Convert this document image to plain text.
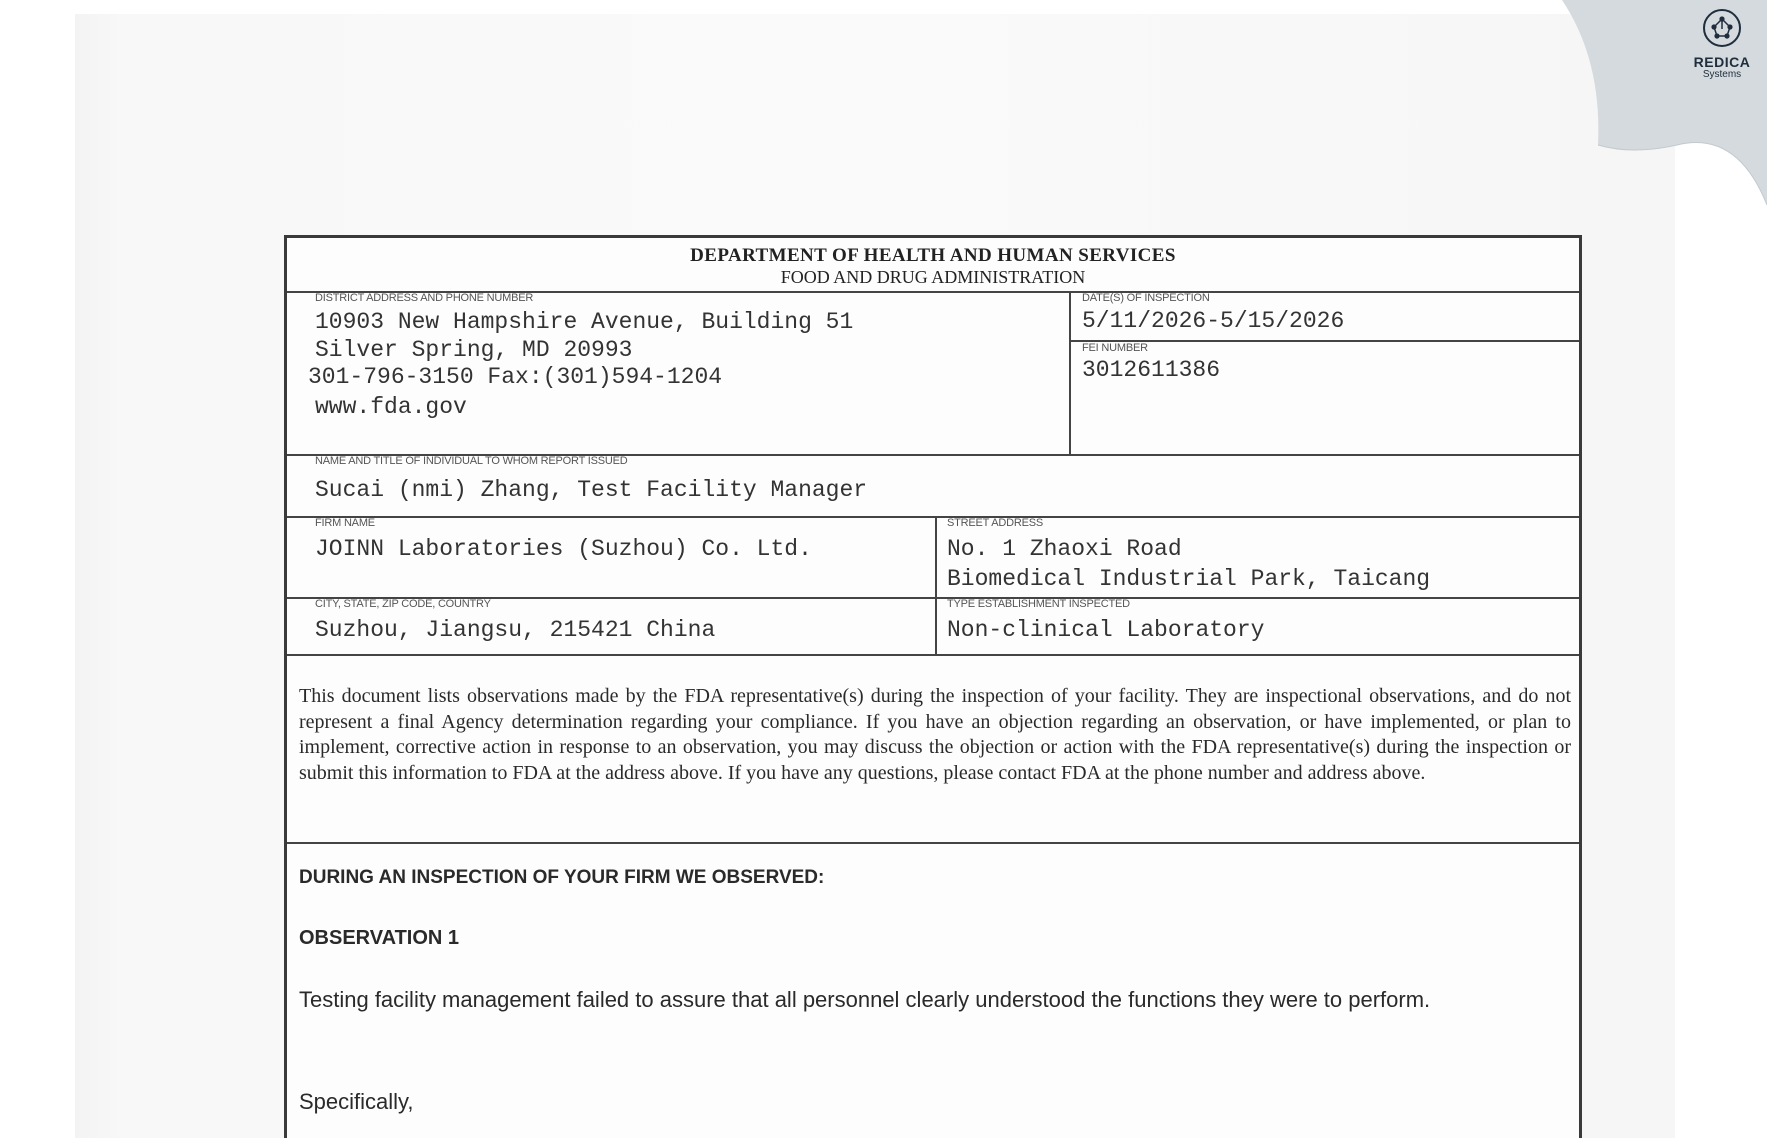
REDICA
Systems
DEPARTMENT OF HEALTH AND HUMAN SERVICES
FOOD AND DRUG ADMINISTRATION
DISTRICT ADDRESS AND PHONE NUMBER
10903 New Hampshire Avenue, Building 51
Silver Spring, MD 20993
301-796-3150 Fax:(301)594-1204
www.fda.gov
DATE(S) OF INSPECTION
5/11/2026-5/15/2026
FEI NUMBER
3012611386
NAME AND TITLE OF INDIVIDUAL TO WHOM REPORT ISSUED
Sucai (nmi) Zhang, Test Facility Manager
FIRM NAME
JOINN Laboratories (Suzhou) Co. Ltd.
STREET ADDRESS
No. 1 Zhaoxi Road
Biomedical Industrial Park, Taicang
CITY, STATE, ZIP CODE, COUNTRY
Suzhou, Jiangsu, 215421 China
TYPE ESTABLISHMENT INSPECTED
Non-clinical Laboratory
This document lists observations made by the FDA representative(s) during the inspection of your facility. They are inspectional observations, and do not represent a final Agency determination regarding your compliance. If you have an objection regarding an observation, or have implemented, or plan to implement, corrective action in response to an observation, you may discuss the objection or action with the FDA representative(s) during the inspection or submit this information to FDA at the address above. If you have any questions, please contact FDA at the phone number and address above.
DURING AN INSPECTION OF YOUR FIRM WE OBSERVED:
OBSERVATION 1
Testing facility management failed to assure that all personnel clearly understood the functions they were to perform.
Specifically,
